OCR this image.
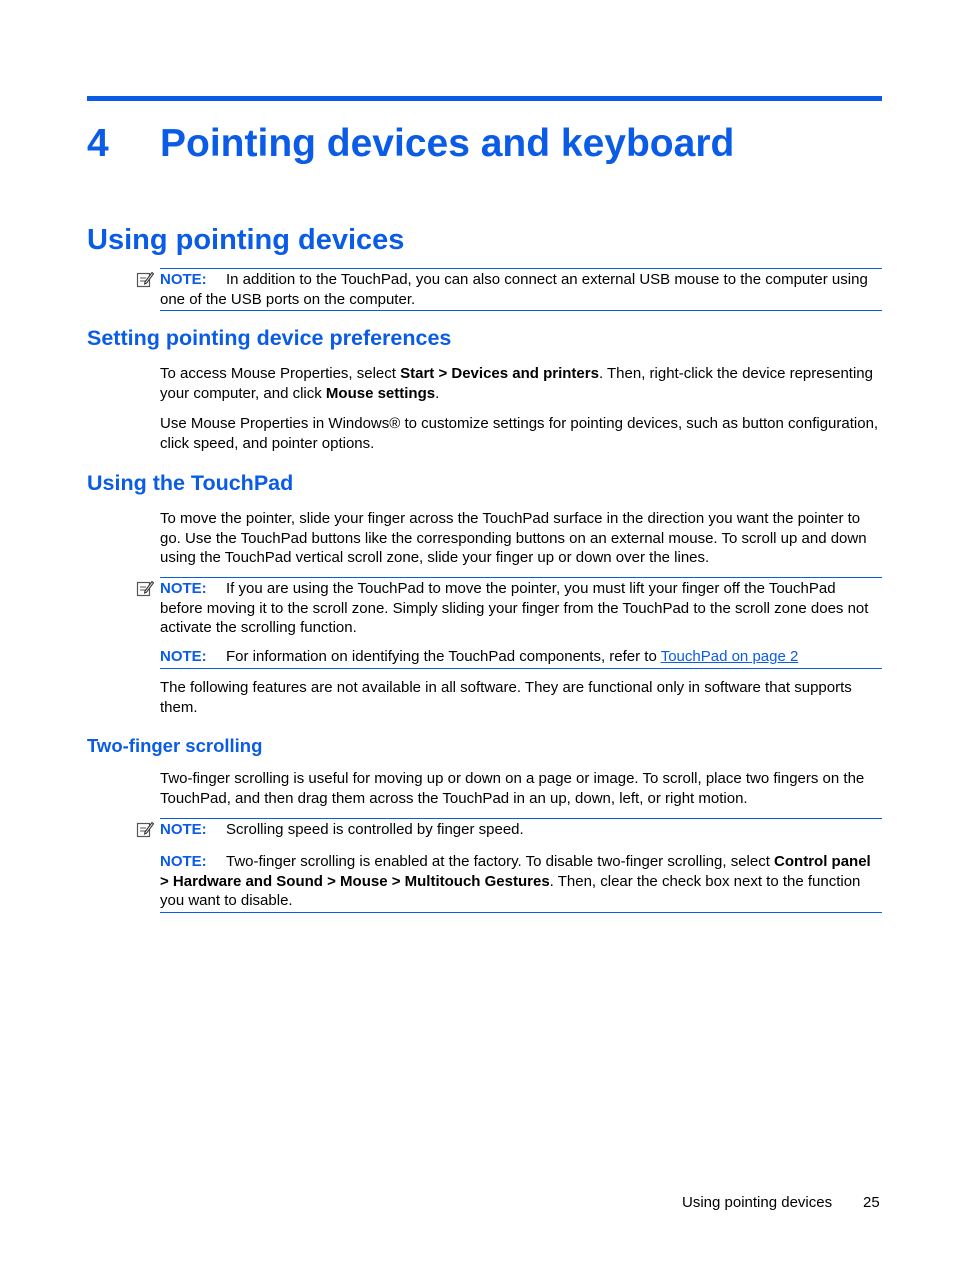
4 Pointing devices and keyboard
Using pointing devices
NOTE: In addition to the TouchPad, you can also connect an external USB mouse to the computer using one of the USB ports on the computer.
Setting pointing device preferences
To access Mouse Properties, select Start > Devices and printers. Then, right-click the device representing your computer, and click Mouse settings.
Use Mouse Properties in Windows® to customize settings for pointing devices, such as button configuration, click speed, and pointer options.
Using the TouchPad
To move the pointer, slide your finger across the TouchPad surface in the direction you want the pointer to go. Use the TouchPad buttons like the corresponding buttons on an external mouse. To scroll up and down using the TouchPad vertical scroll zone, slide your finger up or down over the lines.
NOTE: If you are using the TouchPad to move the pointer, you must lift your finger off the TouchPad before moving it to the scroll zone. Simply sliding your finger from the TouchPad to the scroll zone does not activate the scrolling function.
NOTE: For information on identifying the TouchPad components, refer to TouchPad on page 2
The following features are not available in all software. They are functional only in software that supports them.
Two-finger scrolling
Two-finger scrolling is useful for moving up or down on a page or image. To scroll, place two fingers on the TouchPad, and then drag them across the TouchPad in an up, down, left, or right motion.
NOTE: Scrolling speed is controlled by finger speed.
NOTE: Two-finger scrolling is enabled at the factory. To disable two-finger scrolling, select Control panel > Hardware and Sound > Mouse > Multitouch Gestures. Then, clear the check box next to the function you want to disable.
Using pointing devices 25
